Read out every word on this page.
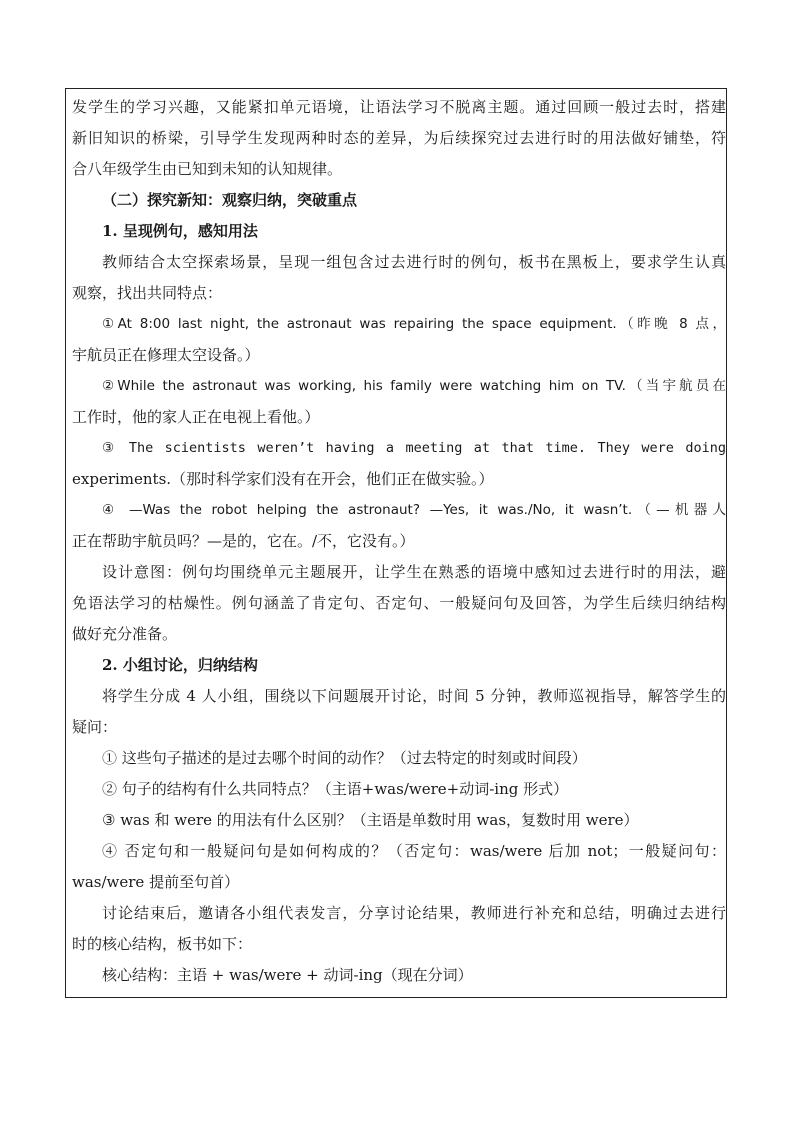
发学生的学习兴趣，又能紧扣单元语境，让语法学习不脱离主题。通过回顾一般过去时，搭建
新旧知识的桥梁，引导学生发现两种时态的差异，为后续探究过去进行时的用法做好铺垫，符
合八年级学生由已知到未知的认知规律。
（二）探究新知：观察归纳，突破重点
1. 呈现例句，感知用法
教师结合太空探索场景，呈现一组包含过去进行时的例句，板书在黑板上，要求学生认真
观察，找出共同特点：
①At 8:00 last night, the astronaut was repairing the space equipment.（昨晚 8 点，
宇航员正在修理太空设备。）
②While the astronaut was working, his family were watching him on TV.（当宇航员在
工作时，他的家人正在电视上看他。）
③ The scientists weren’t having a meeting at that time. They were doing
experiments.（那时科学家们没有在开会，他们正在做实验。）
④ —Was the robot helping the astronaut? —Yes, it was./No, it wasn’t.（—机器人
正在帮助宇航员吗？—是的，它在。/不，它没有。）
设计意图：例句均围绕单元主题展开，让学生在熟悉的语境中感知过去进行时的用法，避
免语法学习的枯燥性。例句涵盖了肯定句、否定句、一般疑问句及回答，为学生后续归纳结构
做好充分准备。
2. 小组讨论，归纳结构
将学生分成 4 人小组，围绕以下问题展开讨论，时间 5 分钟，教师巡视指导，解答学生的
疑问：
① 这些句子描述的是过去哪个时间的动作？（过去特定的时刻或时间段）
② 句子的结构有什么共同特点？（主语+was/were+动词-ing 形式）
③ was 和 were 的用法有什么区别？（主语是单数时用 was，复数时用 were）
④ 否定句和一般疑问句是如何构成的？（否定句：was/were 后加 not；一般疑问句：
was/were 提前至句首）
讨论结束后，邀请各小组代表发言，分享讨论结果，教师进行补充和总结，明确过去进行
时的核心结构，板书如下：
核心结构：主语 + was/were + 动词-ing（现在分词）
